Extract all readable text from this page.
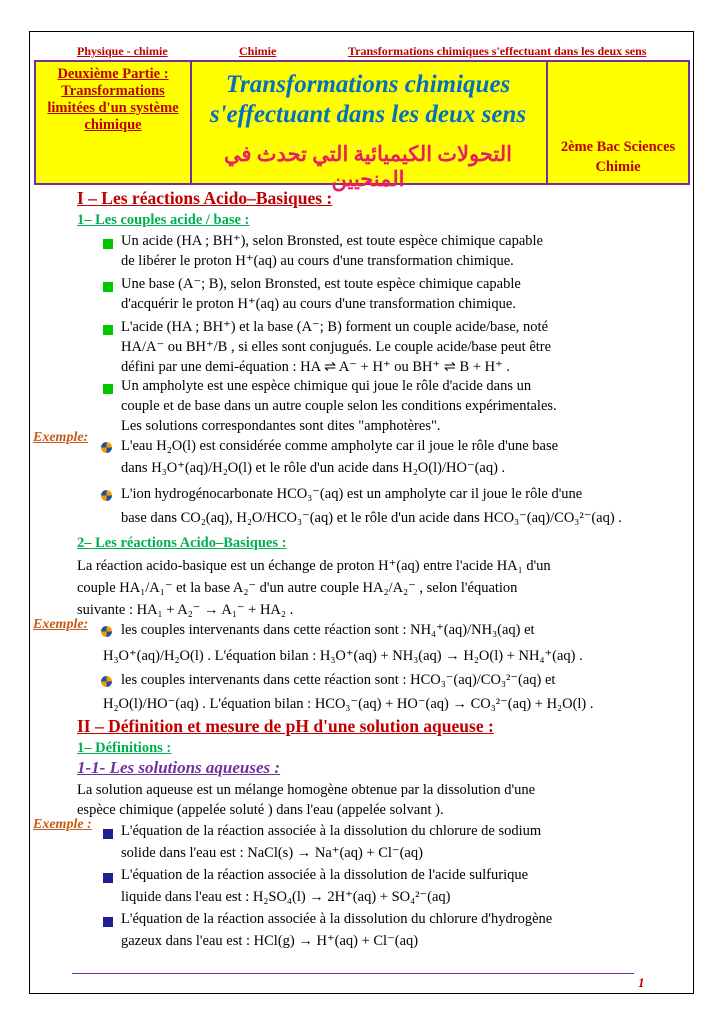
Physique - chimie	Chimie	Transformations chimiques s'effectuant dans les deux sens
Deuxième Partie : Transformations limitées d'un système chimique
Transformations chimiques s'effectuant dans les deux sens
التحولات الكيميائية التي تحدث في المنحيين
2ème Bac Sciences
Chimie
I – Les réactions Acido–Basiques :
1– Les couples acide / base :
Un acide (HA ; BH⁺), selon Bronsted, est toute espèce chimique capable
de libérer le proton H⁺(aq) au cours d'une transformation chimique.
Une base (A⁻; B), selon Bronsted, est toute espèce chimique capable
d'acquérir le proton H⁺(aq) au cours d'une transformation chimique.
L'acide (HA ; BH⁺) et la base (A⁻; B) forment un couple acide/base, noté
HA/A⁻ ou BH⁺/B , si elles sont conjugués. Le couple acide/base peut être
défini par une demi-équation : HA ⇌ A⁻ + H⁺ ou BH⁺ ⇌ B + H⁺ .
Un ampholyte est une espèce chimique qui joue le rôle d'acide dans un
couple et de base dans un autre couple selon les conditions expérimentales.
Les solutions correspondantes sont dites "amphotères".
Exemple:
L'eau H₂O(l) est considérée comme ampholyte car il joue le rôle d'une base
dans H₃O⁺(aq)/H₂O(l) et le rôle d'un acide dans H₂O(l)/HO⁻(aq) .
L'ion hydrogénocarbonate HCO₃⁻(aq) est un ampholyte car il joue le rôle d'une
base dans CO₂(aq), H₂O/HCO₃⁻(aq) et le rôle d'un acide dans HCO₃⁻(aq)/CO₃²⁻(aq) .
2– Les réactions Acido–Basiques :
La réaction acido-basique est un échange de proton H⁺(aq) entre l'acide HA₁ d'un
couple HA₁/A₁⁻ et la base A₂⁻ d'un autre couple HA₂/A₂⁻ , selon l'équation
suivante : HA₁ + A₂⁻ → A₁⁻ + HA₂ .
Exemple: les couples intervenants dans cette réaction sont : NH₄⁺(aq)/NH₃(aq) et
H₃O⁺(aq)/H₂O(l) . L'équation bilan : H₃O⁺(aq) + NH₃(aq) → H₂O(l) + NH₄⁺(aq) .
les couples intervenants dans cette réaction sont : HCO₃⁻(aq)/CO₃²⁻(aq) et
H₂O(l)/HO⁻(aq) . L'équation bilan : HCO₃⁻(aq) + HO⁻(aq) → CO₃²⁻(aq) + H₂O(l) .
II – Définition et mesure de pH d'une solution aqueuse :
1– Définitions :
1-1- Les solutions aqueuses :
La solution aqueuse est un mélange homogène obtenue par la dissolution d'une
espèce chimique (appelée soluté ) dans l'eau (appelée solvant ).
Exemple : L'équation de la réaction associée à la dissolution du chlorure de sodium
solide dans l'eau est : NaCl(s) → Na⁺(aq) + Cl⁻(aq)
L'équation de la réaction associée à la dissolution de l'acide sulfurique
liquide dans l'eau est : H₂SO₄(l) → 2H⁺(aq) + SO₄²⁻(aq)
L'équation de la réaction associée à la dissolution du chlorure d'hydrogène
gazeux dans l'eau est : HCl(g) → H⁺(aq) + Cl⁻(aq)
1
